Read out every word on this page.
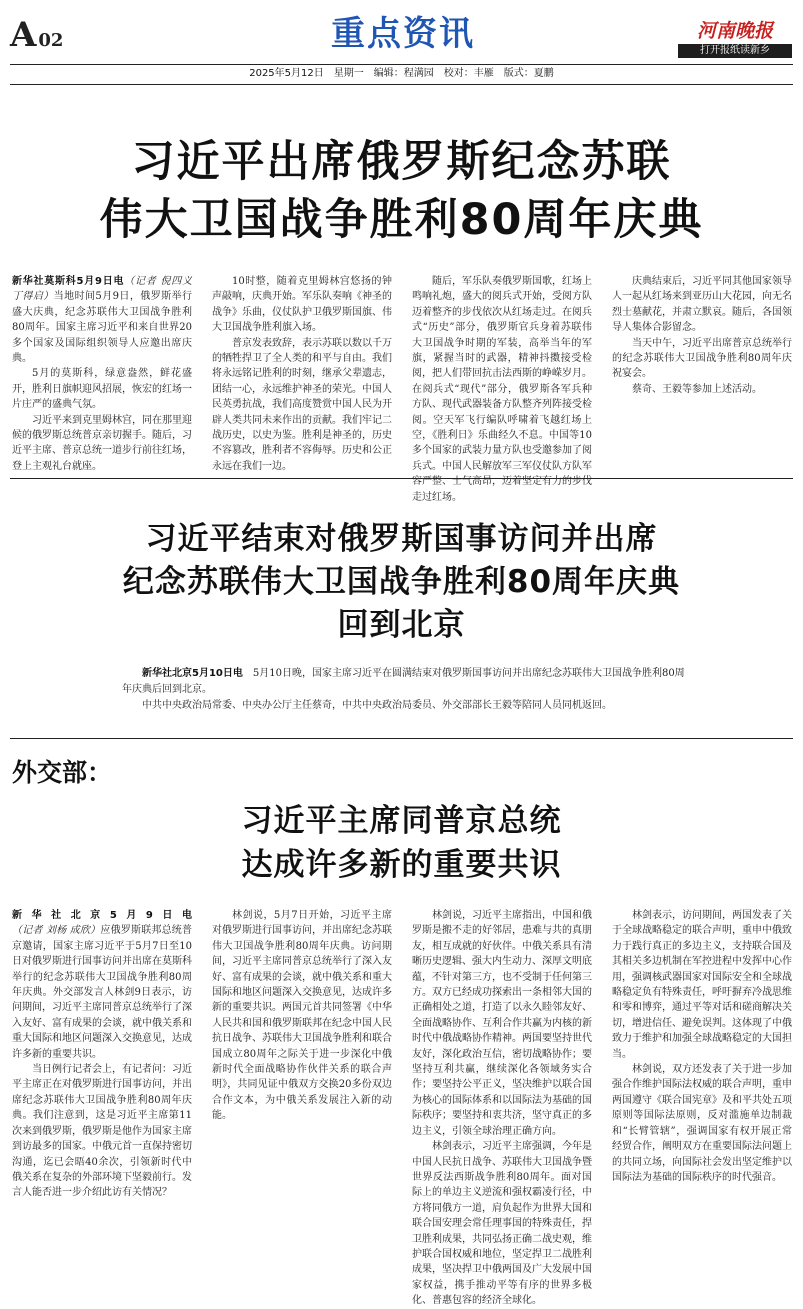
A 02	重点资讯	河南晚报
打开报纸读新乡
2025年5月12日　星期一　编辑：程满园　校对：丰雁　版式：夏鹏
习近平出席俄罗斯纪念苏联
伟大卫国战争胜利80周年庆典

新华社莫斯科5月9日电（记者 倪四义 丁得启）当地时间5月9日，俄罗斯举行盛大庆典，纪念苏联伟大卫国战争胜利80周年。国家主席习近平和来自世界20多个国家及国际组织领导人应邀出席庆典。

5月的莫斯科，绿意盎然，鲜花盛开，胜利日旗帜迎风招展，恢宏的红场一片庄严的盛典气氛。

习近平来到克里姆林宫，同在那里迎候的俄罗斯总统普京亲切握手。随后，习近平主席、普京总统一道步行前往红场，登上主观礼台就座。

10时整，随着克里姆林宫悠扬的钟声敲响，庆典开始。军乐队奏响《神圣的战争》乐曲，仪仗队护卫俄罗斯国旗、伟大卫国战争胜利旗入场。

普京发表致辞，表示苏联以数以千万的牺牲捍卫了全人类的和平与自由。我们将永远铭记胜利的时刻，继承父辈遗志，团结一心，永远维护神圣的荣光。中国人民英勇抗战，我们高度赞赏中国人民为开辟人类共同未来作出的贡献。我们牢记二战历史，以史为鉴。胜利是神圣的，历史不容篡改，胜利者不容侮辱。历史和公正永远在我们一边。

随后，军乐队奏俄罗斯国歌，红场上鸣响礼炮，盛大的阅兵式开始，受阅方队迈着整齐的步伐依次从红场走过。在阅兵式“历史”部分，俄罗斯官兵身着苏联伟大卫国战争时期的军装，高举当年的军旗，紧握当时的武器，精神抖擞接受检阅，把人们带回抗击法西斯的峥嵘岁月。在阅兵式“现代”部分，俄罗斯各军兵种方队、现代武器装备方队整齐列阵接受检阅。空天军飞行编队呼啸着飞越红场上空，《胜利日》乐曲经久不息。中国等10多个国家的武装力量方队也受邀参加了阅兵式。中国人民解放军三军仪仗队方队军容严整、士气高昂，迈着坚定有力的步伐走过红场。

庆典结束后，习近平同其他国家领导人一起从红场来到亚历山大花园，向无名烈士墓献花，并肃立默哀。随后，各国领导人集体合影留念。

当天中午，习近平出席普京总统举行的纪念苏联伟大卫国战争胜利80周年庆祝宴会。

蔡奇、王毅等参加上述活动。

习近平结束对俄罗斯国事访问并出席
纪念苏联伟大卫国战争胜利80周年庆典
回到北京

新华社北京5月10日电　 5月10日晚，国家主席习近平在圆满结束对俄罗斯国事访问并出席纪念苏联伟大卫国战争胜利80周年庆典后回到北京。

中共中央政治局常委、中央办公厅主任蔡奇，中共中央政治局委员、外交部部长王毅等陪同人员同机返回。

外交部：
习近平主席同普京总统
达成许多新的重要共识

新华社北京5月9日电（记者 刘杨 成欣）应俄罗斯联邦总统普京邀请，国家主席习近平于5月7日至10日对俄罗斯进行国事访问并出席在莫斯科举行的纪念苏联伟大卫国战争胜利80周年庆典。外交部发言人林剑9日表示，访问期间，习近平主席同普京总统举行了深入友好、富有成果的会谈，就中俄关系和重大国际和地区问题深入交换意见，达成许多新的重要共识。

当日例行记者会上，有记者问：习近平主席正在对俄罗斯进行国事访问，并出席纪念苏联伟大卫国战争胜利80周年庆典。我们注意到，这是习近平主席第11次来到俄罗斯，俄罗斯是他作为国家主席到访最多的国家。中俄元首一直保持密切沟通，迄已会晤40余次，引领新时代中俄关系在复杂的外部环境下坚毅前行。发言人能否进一步介绍此访有关情况？

林剑说，5月7日开始，习近平主席对俄罗斯进行国事访问，并出席纪念苏联伟大卫国战争胜利80周年庆典。访问期间，习近平主席同普京总统举行了深入友好、富有成果的会谈，就中俄关系和重大国际和地区问题深入交换意见，达成许多新的重要共识。两国元首共同签署《中华人民共和国和俄罗斯联邦在纪念中国人民抗日战争、苏联伟大卫国战争胜利和联合国成立80周年之际关于进一步深化中俄新时代全面战略协作伙伴关系的联合声明》，共同见证中俄双方交换20多份双边合作文本，为中俄关系发展注入新的动能。

林剑说，习近平主席指出，中国和俄罗斯是搬不走的好邻居，患难与共的真朋友，相互成就的好伙伴。中俄关系具有清晰历史逻辑、强大内生动力、深厚文明底蕴，不针对第三方，也不受制于任何第三方。双方已经成功探索出一条相邻大国的正确相处之道，打造了以永久睦邻友好、全面战略协作、互利合作共赢为内核的新时代中俄战略协作精神。两国要坚持世代友好，深化政治互信，密切战略协作；要坚持互利共赢，继续深化各领域务实合作；要坚持公平正义，坚决维护以联合国为核心的国际体系和以国际法为基础的国际秩序；要坚持和衷共济，坚守真正的多边主义，引领全球治理正确方向。

林剑表示，习近平主席强调，今年是中国人民抗日战争、苏联伟大卫国战争暨世界反法西斯战争胜利80周年。面对国际上的单边主义逆流和强权霸凌行径，中方将同俄方一道，肩负起作为世界大国和联合国安理会常任理事国的特殊责任，捍卫胜利成果，共同弘扬正确二战史观，维护联合国权威和地位，坚定捍卫二战胜利成果，坚决捍卫中俄两国及广大发展中国家权益，携手推动平等有序的世界多极化、普惠包容的经济全球化。

林剑表示，访问期间，两国发表了关于全球战略稳定的联合声明，重申中俄致力于践行真正的多边主义，支持联合国及其相关多边机制在军控进程中发挥中心作用，强调核武器国家对国际安全和全球战略稳定负有特殊责任，呼吁摒弃冷战思维和零和博弈，通过平等对话和磋商解决关切，增进信任、避免误判。这体现了中俄致力于维护和加强全球战略稳定的大国担当。

林剑说，双方还发表了关于进一步加强合作维护国际法权威的联合声明，重申两国遵守《联合国宪章》及和平共处五项原则等国际法原则，反对滥施单边制裁和“长臂管辖”，强调国家有权开展正常经贸合作，阐明双方在重要国际法问题上的共同立场，向国际社会发出坚定维护以国际法为基础的国际秩序的时代强音。
